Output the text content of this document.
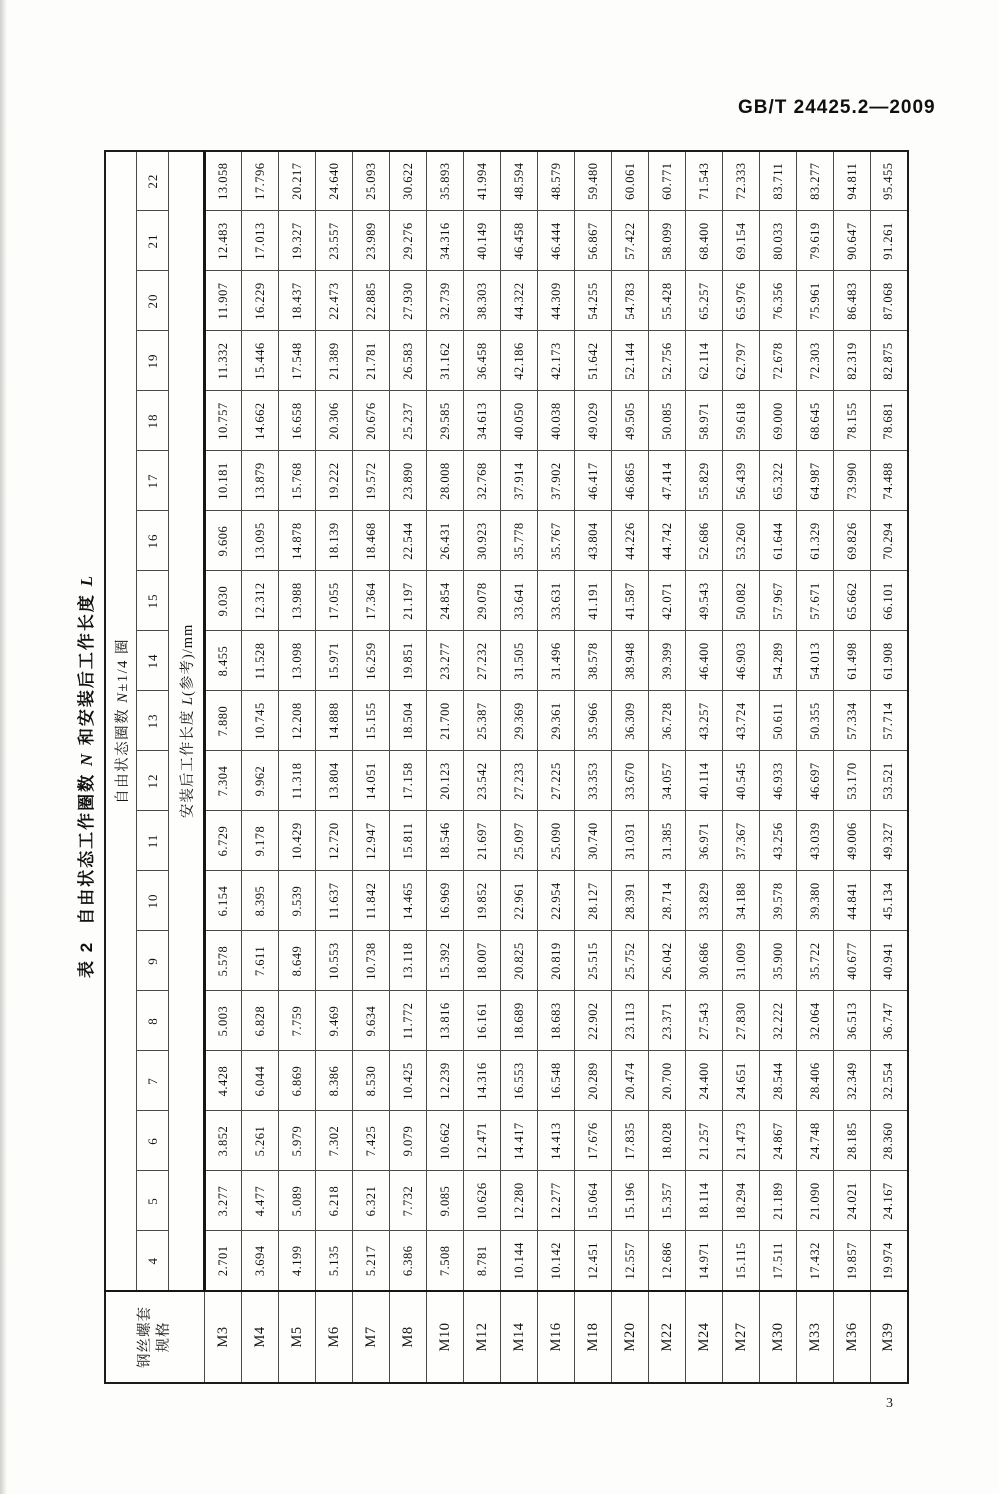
GB/T 24425.2—2009
表 2自由状态工作圈数 N 和安装后工作长度 L
钢丝螺套 规格	自由状态圈数 N±1/4 圈																		
	4	5	6	7	8	9	10	11	12	13	14	15	16	17	18	19	20	21	22
	安装后工作长度 L(参考)/mm																		
M3	2.701	3.277	3.852	4.428	5.003	5.578	6.154	6.729	7.304	7.880	8.455	9.030	9.606	10.181	10.757	11.332	11.907	12.483	13.058
M4	3.694	4.477	5.261	6.044	6.828	7.611	8.395	9.178	9.962	10.745	11.528	12.312	13.095	13.879	14.662	15.446	16.229	17.013	17.796
M5	4.199	5.089	5.979	6.869	7.759	8.649	9.539	10.429	11.318	12.208	13.098	13.988	14.878	15.768	16.658	17.548	18.437	19.327	20.217
M6	5.135	6.218	7.302	8.386	9.469	10.553	11.637	12.720	13.804	14.888	15.971	17.055	18.139	19.222	20.306	21.389	22.473	23.557	24.640
M7	5.217	6.321	7.425	8.530	9.634	10.738	11.842	12.947	14.051	15.155	16.259	17.364	18.468	19.572	20.676	21.781	22.885	23.989	25.093
M8	6.386	7.732	9.079	10.425	11.772	13.118	14.465	15.811	17.158	18.504	19.851	21.197	22.544	23.890	25.237	26.583	27.930	29.276	30.622
M10	7.508	9.085	10.662	12.239	13.816	15.392	16.969	18.546	20.123	21.700	23.277	24.854	26.431	28.008	29.585	31.162	32.739	34.316	35.893
M12	8.781	10.626	12.471	14.316	16.161	18.007	19.852	21.697	23.542	25.387	27.232	29.078	30.923	32.768	34.613	36.458	38.303	40.149	41.994
M14	10.144	12.280	14.417	16.553	18.689	20.825	22.961	25.097	27.233	29.369	31.505	33.641	35.778	37.914	40.050	42.186	44.322	46.458	48.594
M16	10.142	12.277	14.413	16.548	18.683	20.819	22.954	25.090	27.225	29.361	31.496	33.631	35.767	37.902	40.038	42.173	44.309	46.444	48.579
M18	12.451	15.064	17.676	20.289	22.902	25.515	28.127	30.740	33.353	35.966	38.578	41.191	43.804	46.417	49.029	51.642	54.255	56.867	59.480
M20	12.557	15.196	17.835	20.474	23.113	25.752	28.391	31.031	33.670	36.309	38.948	41.587	44.226	46.865	49.505	52.144	54.783	57.422	60.061
M22	12.686	15.357	18.028	20.700	23.371	26.042	28.714	31.385	34.057	36.728	39.399	42.071	44.742	47.414	50.085	52.756	55.428	58.099	60.771
M24	14.971	18.114	21.257	24.400	27.543	30.686	33.829	36.971	40.114	43.257	46.400	49.543	52.686	55.829	58.971	62.114	65.257	68.400	71.543
M27	15.115	18.294	21.473	24.651	27.830	31.009	34.188	37.367	40.545	43.724	46.903	50.082	53.260	56.439	59.618	62.797	65.976	69.154	72.333
M30	17.511	21.189	24.867	28.544	32.222	35.900	39.578	43.256	46.933	50.611	54.289	57.967	61.644	65.322	69.000	72.678	76.356	80.033	83.711
M33	17.432	21.090	24.748	28.406	32.064	35.722	39.380	43.039	46.697	50.355	54.013	57.671	61.329	64.987	68.645	72.303	75.961	79.619	83.277
M36	19.857	24.021	28.185	32.349	36.513	40.677	44.841	49.006	53.170	57.334	61.498	65.662	69.826	73.990	78.155	82.319	86.483	90.647	94.811
M39	19.974	24.167	28.360	32.554	36.747	40.941	45.134	49.327	53.521	57.714	61.908	66.101	70.294	74.488	78.681	82.875	87.068	91.261	95.455
3
